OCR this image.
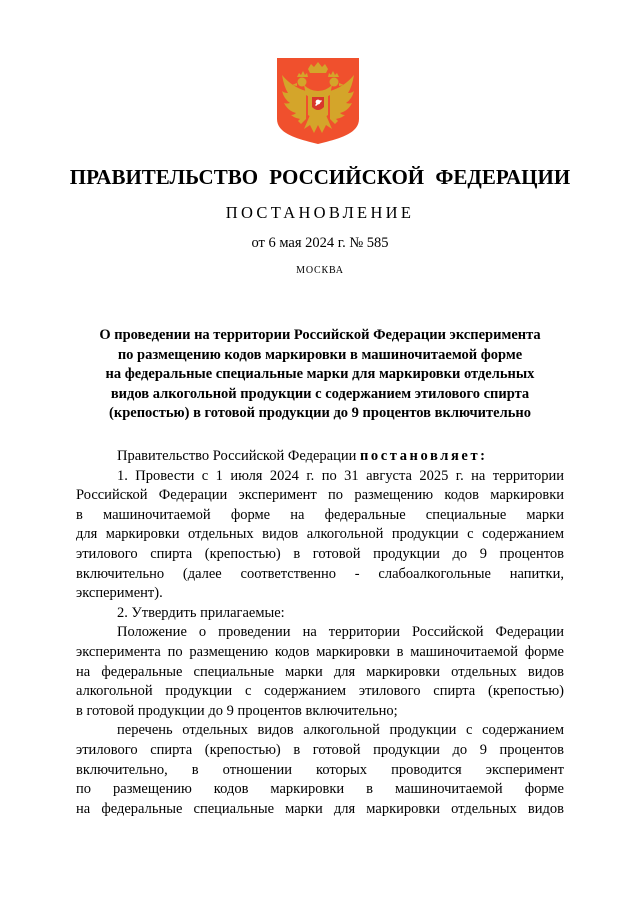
ПРАВИТЕЛЬСТВО РОССИЙСКОЙ ФЕДЕРАЦИИ
ПОСТАНОВЛЕНИЕ
от 6 мая 2024 г. № 585
МОСКВА
О проведении на территории Российской Федерации эксперимента
по размещению кодов маркировки в машиночитаемой форме
на федеральные специальные марки для маркировки отдельных
видов алкогольной продукции с содержанием этилового спирта
(крепостью) в готовой продукции до 9 процентов включительно
Правительство Российской Федерации постановляет:
1. Провести с 1 июля 2024 г. по 31 августа 2025 г. на территории
Российской Федерации эксперимент по размещению кодов маркировки
в машиночитаемой форме на федеральные специальные марки
для маркировки отдельных видов алкогольной продукции с содержанием
этилового спирта (крепостью) в готовой продукции до 9 процентов
включительно (далее соответственно - слабоалкогольные напитки,
эксперимент).
2. Утвердить прилагаемые:
Положение о проведении на территории Российской Федерации
эксперимента по размещению кодов маркировки в машиночитаемой форме
на федеральные специальные марки для маркировки отдельных видов
алкогольной продукции с содержанием этилового спирта (крепостью)
в готовой продукции до 9 процентов включительно;
перечень отдельных видов алкогольной продукции с содержанием
этилового спирта (крепостью) в готовой продукции до 9 процентов
включительно, в отношении которых проводится эксперимент
по размещению кодов маркировки в машиночитаемой форме
на федеральные специальные марки для маркировки отдельных видов
